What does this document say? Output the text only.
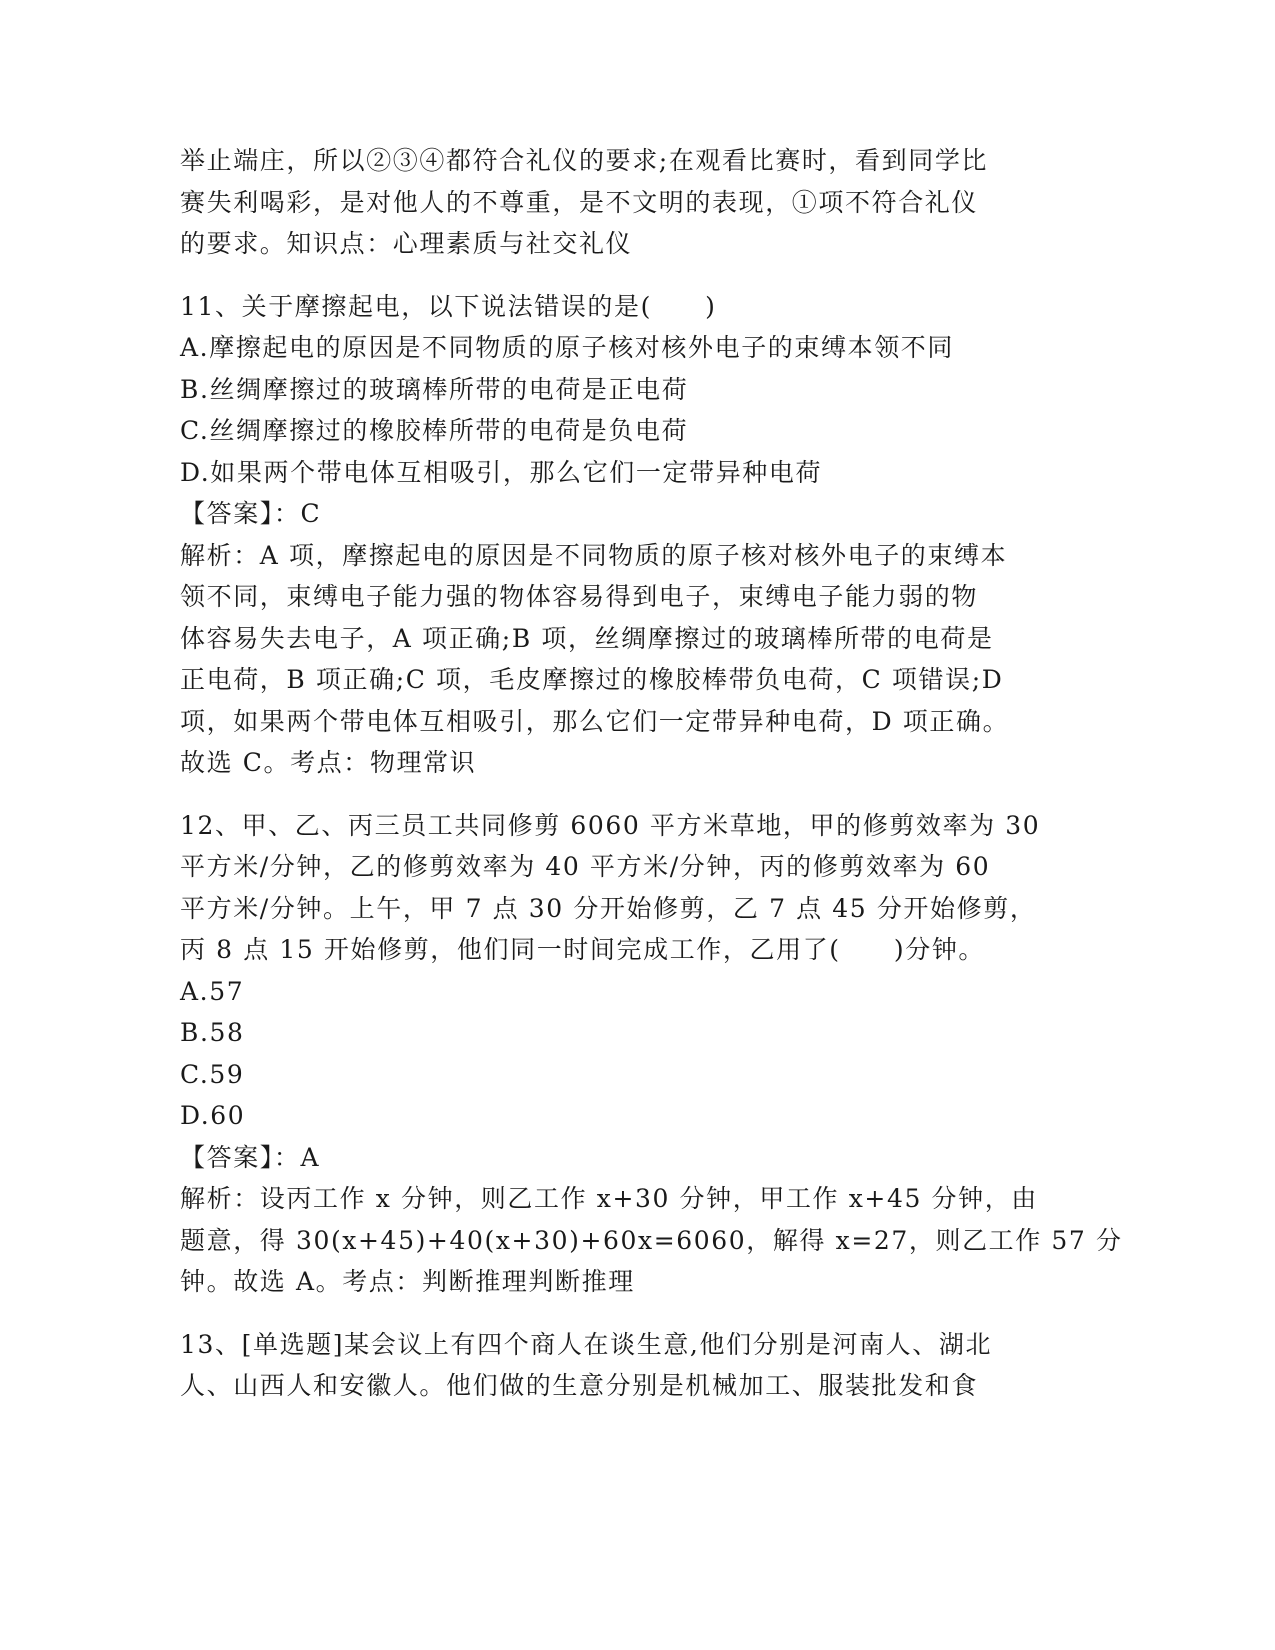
举止端庄，所以②③④都符合礼仪的要求;在观看比赛时，看到同学比
赛失利喝彩，是对他人的不尊重，是不文明的表现，①项不符合礼仪
的要求。知识点：心理素质与社交礼仪
11、关于摩擦起电，以下说法错误的是(　　)
A.摩擦起电的原因是不同物质的原子核对核外电子的束缚本领不同
B.丝绸摩擦过的玻璃棒所带的电荷是正电荷
C.丝绸摩擦过的橡胶棒所带的电荷是负电荷
D.如果两个带电体互相吸引，那么它们一定带异种电荷
【答案】：C
解析：A 项，摩擦起电的原因是不同物质的原子核对核外电子的束缚本
领不同，束缚电子能力强的物体容易得到电子，束缚电子能力弱的物
体容易失去电子，A 项正确;B 项，丝绸摩擦过的玻璃棒所带的电荷是
正电荷，B 项正确;C 项，毛皮摩擦过的橡胶棒带负电荷，C 项错误;D
项，如果两个带电体互相吸引，那么它们一定带异种电荷，D 项正确。
故选 C。考点：物理常识
12、甲、乙、丙三员工共同修剪 6060 平方米草地，甲的修剪效率为 30
平方米/分钟，乙的修剪效率为 40 平方米/分钟，丙的修剪效率为 60
平方米/分钟。上午，甲 7 点 30 分开始修剪，乙 7 点 45 分开始修剪，
丙 8 点 15 开始修剪，他们同一时间完成工作，乙用了(　　)分钟。
A.57
B.58
C.59
D.60
【答案】：A
解析：设丙工作 x 分钟，则乙工作 x+30 分钟，甲工作 x+45 分钟，由
题意，得 30(x+45)+40(x+30)+60x=6060，解得 x=27，则乙工作 57 分
钟。故选 A。考点：判断推理判断推理
13、[单选题]某会议上有四个商人在谈生意,他们分别是河南人、湖北
人、山西人和安徽人。他们做的生意分别是机械加工、服装批发和食
